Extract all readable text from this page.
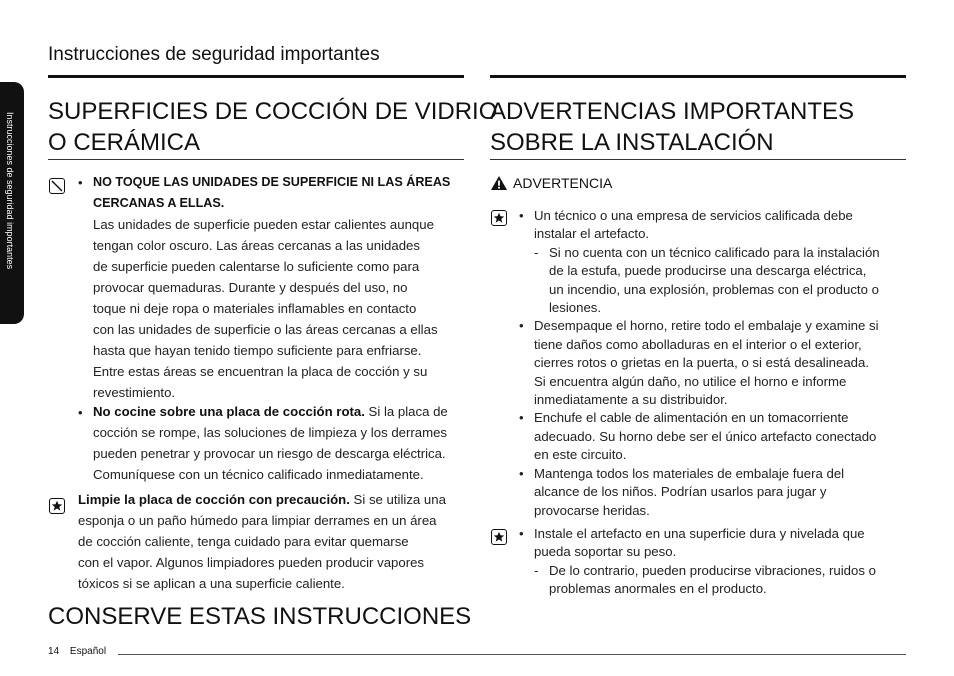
Instrucciones de seguridad importantes
Instrucciones de seguridad importantes
SUPERFICIES DE COCCIÓN DE VIDRIO
O CERÁMICA
• NO TOQUE LAS UNIDADES DE SUPERFICIE NI LAS ÁREAS
CERCANAS A ELLAS.
Las unidades de superficie pueden estar calientes aunque
tengan color oscuro. Las áreas cercanas a las unidades
de superficie pueden calentarse lo suficiente como para
provocar quemaduras. Durante y después del uso, no
toque ni deje ropa o materiales inflamables en contacto
con las unidades de superficie o las áreas cercanas a ellas
hasta que hayan tenido tiempo suficiente para enfriarse.
Entre estas áreas se encuentran la placa de cocción y su
revestimiento.
• No cocine sobre una placa de cocción rota. Si la placa de
cocción se rompe, las soluciones de limpieza y los derrames
pueden penetrar y provocar un riesgo de descarga eléctrica.
Comuníquese con un técnico calificado inmediatamente.
Limpie la placa de cocción con precaución. Si se utiliza una
esponja o un paño húmedo para limpiar derrames en un área
de cocción caliente, tenga cuidado para evitar quemarse
con el vapor. Algunos limpiadores pueden producir vapores
tóxicos si se aplican a una superficie caliente.
CONSERVE ESTAS INSTRUCCIONES
ADVERTENCIAS IMPORTANTES
SOBRE LA INSTALACIÓN
ADVERTENCIA
• Un técnico o una empresa de servicios calificada debe
instalar el artefacto.
- Si no cuenta con un técnico calificado para la instalación
de la estufa, puede producirse una descarga eléctrica,
un incendio, una explosión, problemas con el producto o
lesiones.
• Desempaque el horno, retire todo el embalaje y examine si
tiene daños como abolladuras en el interior o el exterior,
cierres rotos o grietas en la puerta, o si está desalineada.
Si encuentra algún daño, no utilice el horno e informe
inmediatamente a su distribuidor.
• Enchufe el cable de alimentación en un tomacorriente
adecuado. Su horno debe ser el único artefacto conectado
en este circuito.
• Mantenga todos los materiales de embalaje fuera del
alcance de los niños. Podrían usarlos para jugar y
provocarse heridas.
• Instale el artefacto en una superficie dura y nivelada que
pueda soportar su peso.
- De lo contrario, pueden producirse vibraciones, ruidos o
problemas anormales en el producto.
14 Español
